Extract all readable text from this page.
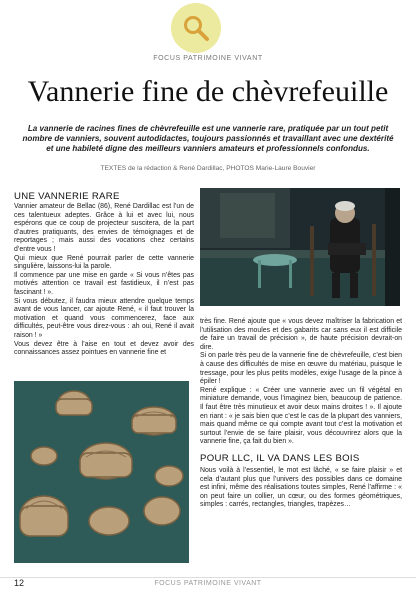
FOCUS PATRIMOINE VIVANT
Vannerie fine de chèvrefeuille
La vannerie de racines fines de chèvrefeuille est une vannerie rare, pratiquée par un tout petit nombre de vanniers, souvent autodidactes, toujours passionnés et travaillant avec une dextérité et une habileté digne des meilleurs vanniers amateurs et professionnels confondus.
TEXTES de la rédaction & René Dardillac, PHOTOS Marie-Laure Bouvier
UNE VANNERIE RARE

Vannier amateur de Bellac (86), René Dardillac est l’un de ces talentueux adeptes. Grâce à lui et avec lui, nous espérons que ce coup de projecteur suscitera, de la part d’autres pratiquants, des envies de témoignages et de reportages ; mais aussi des vocations chez certains d’entre vous !

Qui mieux que René pourrait parler de cette vannerie singulière, laissons-lui la parole.

Il commence par une mise en garde « Si vous n’êtes pas motivés attention ce travail est fastidieux, il n’est pas fascinant ! ».

Si vous débutez, il faudra mieux attendre quelque temps avant de vous lancer, car ajoute René, « il faut trouver la motivation et quand vous commencerez, face aux difficultés, peut-être vous direz-vous : ah oui, René il avait raison ! »

Vous devez être à l’aise en tout et devez avoir des connaissances assez pointues en vannerie fine et

très fine. René ajoute que « vous devez maîtriser la fabrication et l’utilisation des moules et des gabarits car sans eux il est difficile de faire un travail de précision », de haute précision devrait-on dire.

Si on parle très peu de la vannerie fine de chèvrefeuille, c’est bien à cause des difficultés de mise en œuvre du matériau, puisque le tressage, pour les plus petits modèles, exige l’usage de la pince à épiler !

René explique : « Créer une vannerie avec un fil végétal en miniature demande, vous l’imaginez bien, beaucoup de patience. Il faut être très minutieux et avoir deux mains droites ! ». Il ajoute en riant : « je sais bien que c’est le cas de la plupart des vanniers, mais quand même ce qui compte avant tout c’est la motivation et surtout l’envie de se faire plaisir, vous découvrirez alors que la vannerie fine, ça fait du bien ».

POUR LLC, IL VA DANS LES BOIS

Nous voilà à l’essentiel, le mot est lâché, « se faire plaisir » et cela d’autant plus que l’univers des possibles dans ce domaine est infini, même des réalisations toutes simples, René l’affirme : « on peut faire un collier, un cœur, ou des formes géométriques, simples : carrés, rectangles, triangles, trapèzes…

12	FOCUS PATRIMOINE VIVANT
